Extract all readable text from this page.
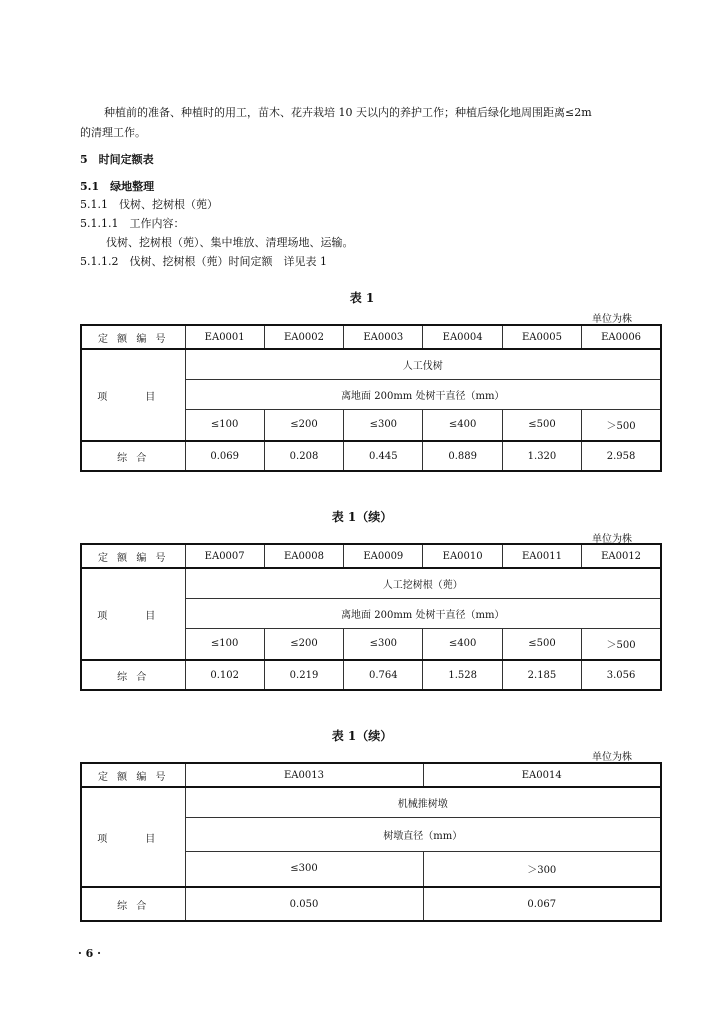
种植前的准备、种植时的用工，苗木、花卉栽培 10 天以内的养护工作；种植后绿化地周围距离≤2m
的清理工作。
5　时间定额表
5.1　绿地整理
5.1.1　伐树、挖树根（蔸）
5.1.1.1　工作内容：
伐树、挖树根（蔸）、集中堆放、清理场地、运输。
5.1.1.2　伐树、挖树根（蔸）时间定额　详见表 1
表 1
单位为株
定 额 编 号	EA0001	EA0002	EA0003	EA0004	EA0005	EA0006
项　目	人工伐树					
	离地面 200mm 处树干直径（mm）					
	≤100	≤200	≤300	≤400	≤500	＞500
综 合	0.069	0.208	0.445	0.889	1.320	2.958
表 1（续）
单位为株
定 额 编 号	EA0007	EA0008	EA0009	EA0010	EA0011	EA0012
项　目	人工挖树根（蔸）					
	离地面 200mm 处树干直径（mm）					
	≤100	≤200	≤300	≤400	≤500	＞500
综 合	0.102	0.219	0.764	1.528	2.185	3.056
表 1（续）
单位为株
定 额 编 号	EA0013	EA0014
项　目	机械推树墩	
	树墩直径（mm）	
	≤300	＞300
综 合	0.050	0.067
· 6 ·
